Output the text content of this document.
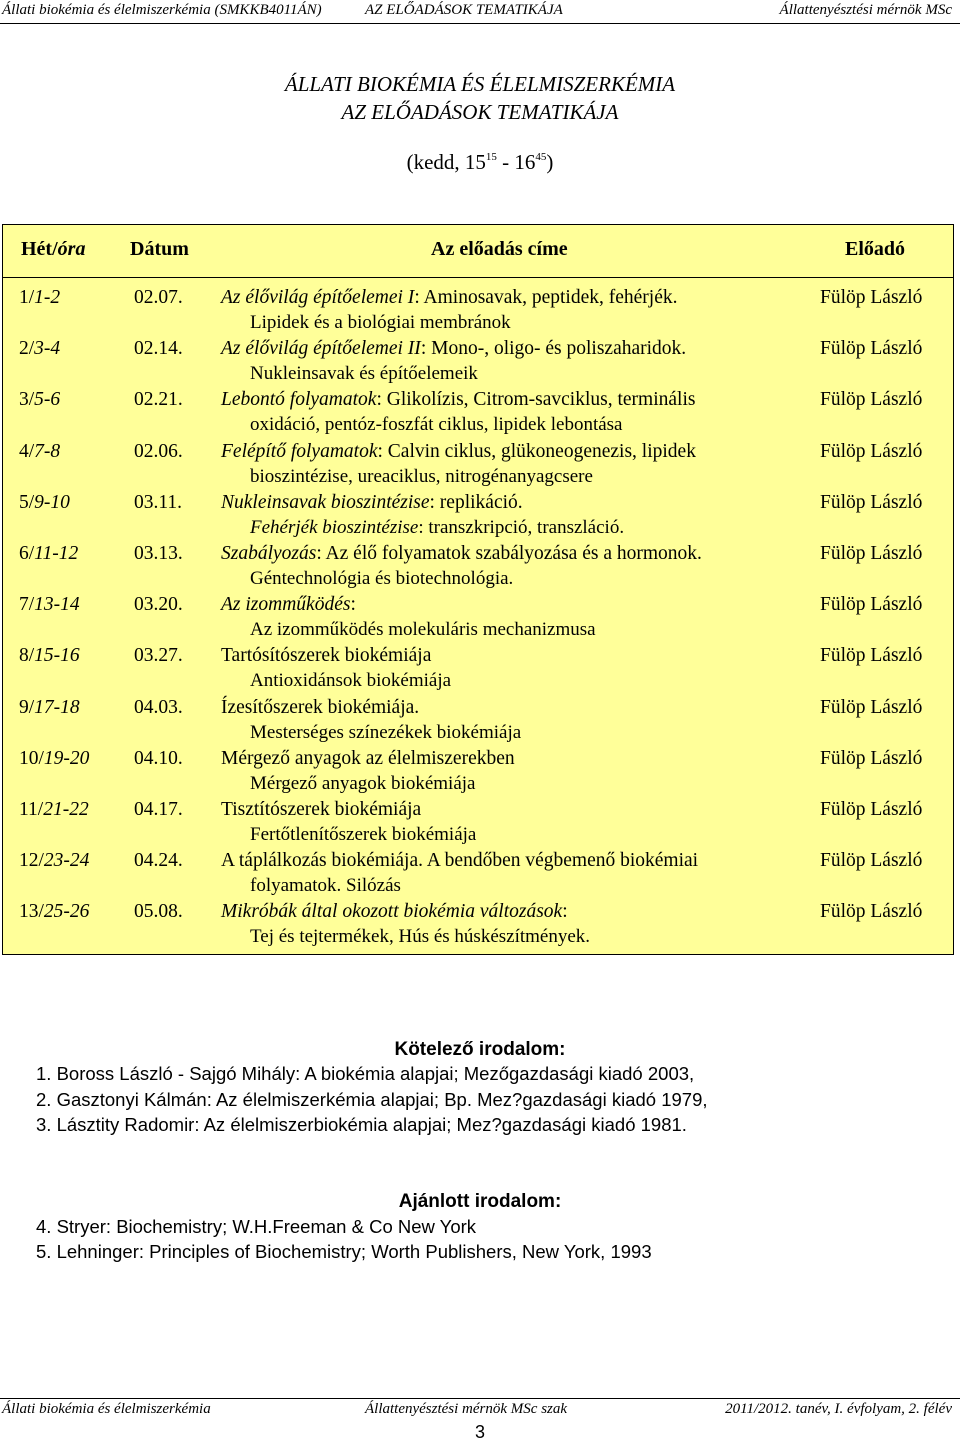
Állati biokémia és élelmiszerkémia (SMKKB4011ÁN)	AZ ELŐADÁSOK TEMATIKÁJA	Állattenyésztési mérnök MSc
ÁLLATI BIOKÉMIA ÉS ÉLELMISZERKÉMIA
AZ ELŐADÁSOK TEMATIKÁJA
(kedd, $15^{15} - 16^{45}$)
Hét/óra Dátum	Az előadás címe	Előadó
1/1-2	02.07. Az élővilág építőelemei I: Aminosavak, peptidek, fehérjék.
Lipidek és a biológiai membránok
Fülöp László
2/3-4	02.14. Az élővilág építőelemei II: Mono-, oligo- és poliszaharidok.
Nukleinsavak és építőelemeik
Fülöp László
3/5-6	02.21. Lebontó folyamatok: Glikolízis, Citrom-savciklus, terminális
oxidáció, pentóz-foszfát ciklus, lipidek lebontása
Fülöp László
4/7-8	02.06. Felépítő folyamatok: Calvin ciklus, glükoneogenezis, lipidek
bioszintézise, ureaciklus, nitrogénanyagcsere
Fülöp László
5/9-10	03.11. Nukleinsavak bioszintézise: replikáció.
Fehérjék bioszintézise: transzkripció, transzláció.
Fülöp László
6/11-12	03.13. Szabályozás: Az élő folyamatok szabályozása és a hormonok.
Géntechnológia és biotechnológia.
Fülöp László
7/13-14	03.20. Az izomműködés:
Az izomműködés molekuláris mechanizmusa
Fülöp László
8/15-16	03.27. Tartósítószerek biokémiája
Antioxidánsok biokémiája
Fülöp László
9/17-18	04.03. Ízesítőszerek biokémiája.
Mesterséges színezékek biokémiája
Fülöp László
10/19-20 04.10. Mérgező anyagok az élelmiszerekben
Mérgező anyagok biokémiája
Fülöp László
11/21-22 04.17. Tisztítószerek biokémiája
Fertőtlenítőszerek biokémiája
Fülöp László
12/23-24 04.24. A táplálkozás biokémiája. A bendőben végbemenő biokémiai
folyamatok. Silózás
Fülöp László
13/25-26 05.08. Mikróbák által okozott biokémia változások:
Tej és tejtermékek, Hús és húskészítmények.
Fülöp László
Kötelező irodalom:
1. Boross László - Sajgó Mihály: A biokémia alapjai; Mezőgazdasági kiadó 2003,
2. Gasztonyi Kálmán: Az élelmiszerkémia alapjai; Bp. Mez?gazdasági kiadó 1979,
3. Lásztity Radomir: Az élelmiszerbiokémia alapjai; Mez?gazdasági kiadó 1981.
Ajánlott irodalom:
4. Stryer: Biochemistry; W.H.Freeman & Co New York
5. Lehninger: Principles of Biochemistry; Worth Publishers, New York, 1993
Állati biokémia és élelmiszerkémia	Állattenyésztési mérnök MSc szak	2011/2012. tanév, I. évfolyam, 2. félév
3
